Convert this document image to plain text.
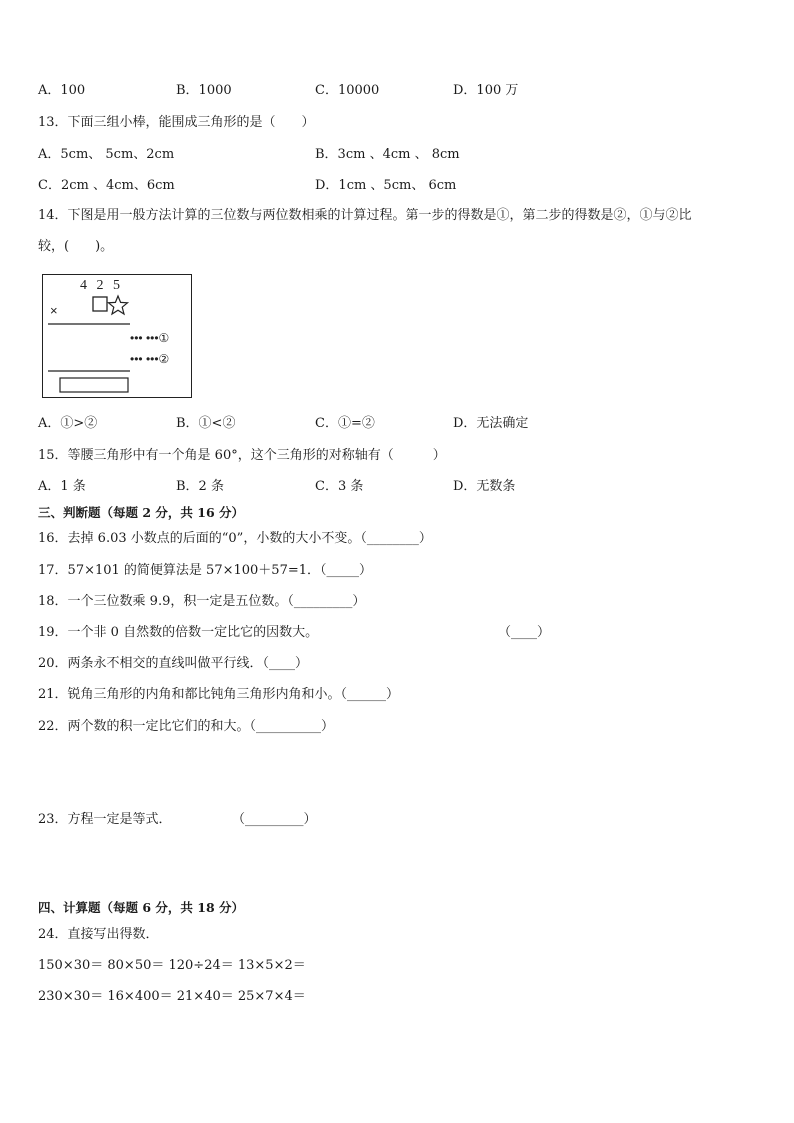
A．100	B．1000	C．10000	D．100 万
13．下面三组小棒，能围成三角形的是（　　）
A．5cm、 5cm、2cm	B．3cm 、4cm 、 8cm
C．2cm 、4cm、6cm	D．1cm 、5cm、 6cm
14．下图是用一般方法计算的三位数与两位数相乘的计算过程。第一步的得数是①，第二步的得数是②，①与②比
较，(　　)。
4 2 5
×
••• •••①
••• •••②
A．①>②	B．①<②	C．①=②	D．无法确定
15．等腰三角形中有一个角是 60°，这个三角形的对称轴有（　　　）
A．1 条	B．2 条	C．3 条	D．无数条
三、判断题（每题 2 分，共 16 分）
16．去掉 6.03 小数点的后面的“0”，小数的大小不变。（________）
17．57×101 的简便算法是 57×100＋57=1．（_____）
18．一个三位数乘 9.9，积一定是五位数。（_________）
19．一个非 0 自然数的倍数一定比它的因数大。	（____）
20．两条永不相交的直线叫做平行线．（____）
21．锐角三角形的内角和都比钝角三角形内角和小。（______）
22．两个数的积一定比它们的和大。（__________）
23．方程一定是等式．	（_________）
四、计算题（每题 6 分，共 18 分）
24．直接写出得数．
150×30＝ 80×50＝ 120÷24＝ 13×5×2＝
230×30＝ 16×400＝ 21×40＝ 25×7×4＝
